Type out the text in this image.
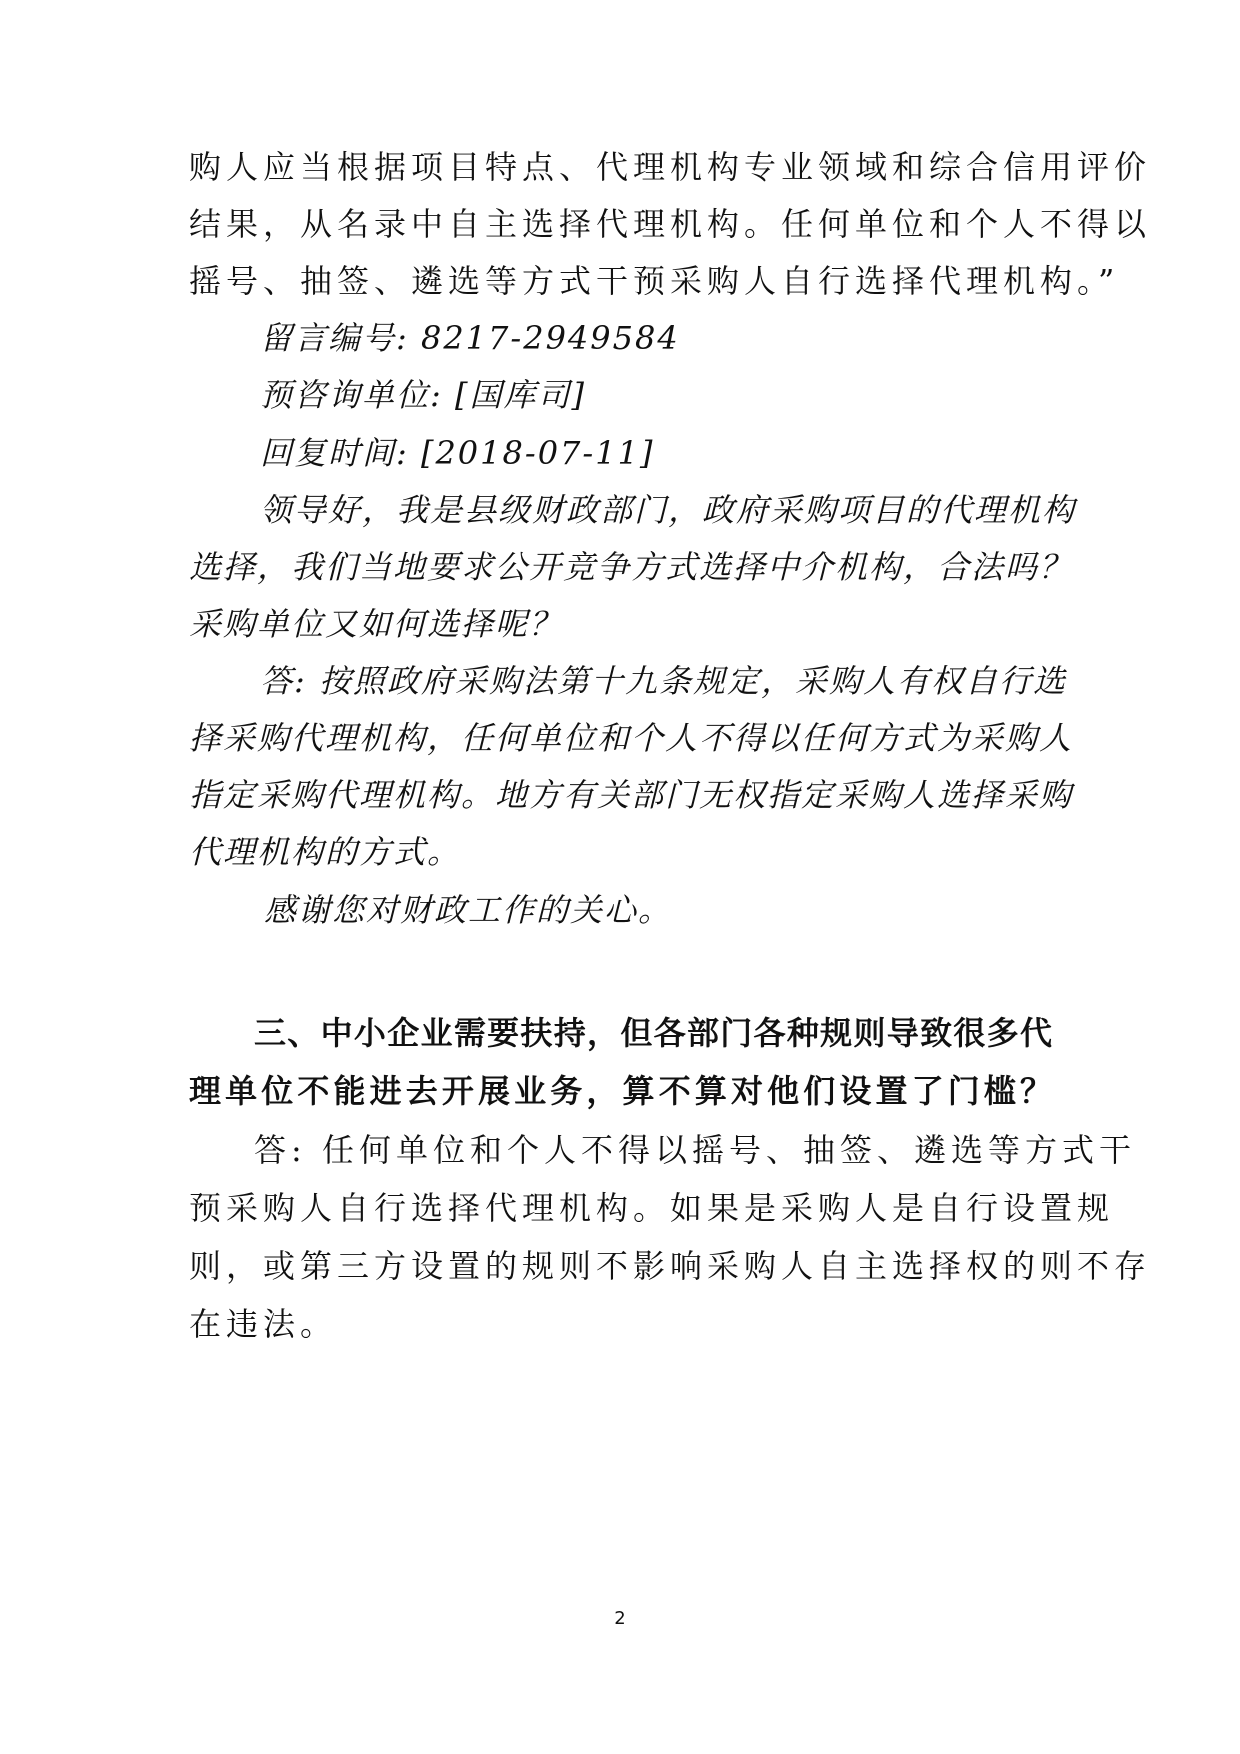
购人应当根据项目特点、代理机构专业领域和综合信用评价
结果，从名录中自主选择代理机构。任何单位和个人不得以
摇号、抽签、遴选等方式干预采购人自行选择代理机构。”
留言编号: 8217-2949584
预咨询单位: [国库司]
回复时间: [2018-07-11]
领导好，我是县级财政部门，政府采购项目的代理机构
选择，我们当地要求公开竞争方式选择中介机构，合法吗？
采购单位又如何选择呢？
答: 按照政府采购法第十九条规定，采购人有权自行选
择采购代理机构，任何单位和个人不得以任何方式为采购人
指定采购代理机构。地方有关部门无权指定采购人选择采购
代理机构的方式。
感谢您对财政工作的关心。
三、中小企业需要扶持，但各部门各种规则导致很多代
理单位不能进去开展业务，算不算对他们设置了门槛？
答: 任何单位和个人不得以摇号、抽签、遴选等方式干
预采购人自行选择代理机构。如果是采购人是自行设置规
则，或第三方设置的规则不影响采购人自主选择权的则不存
在违法。
2
